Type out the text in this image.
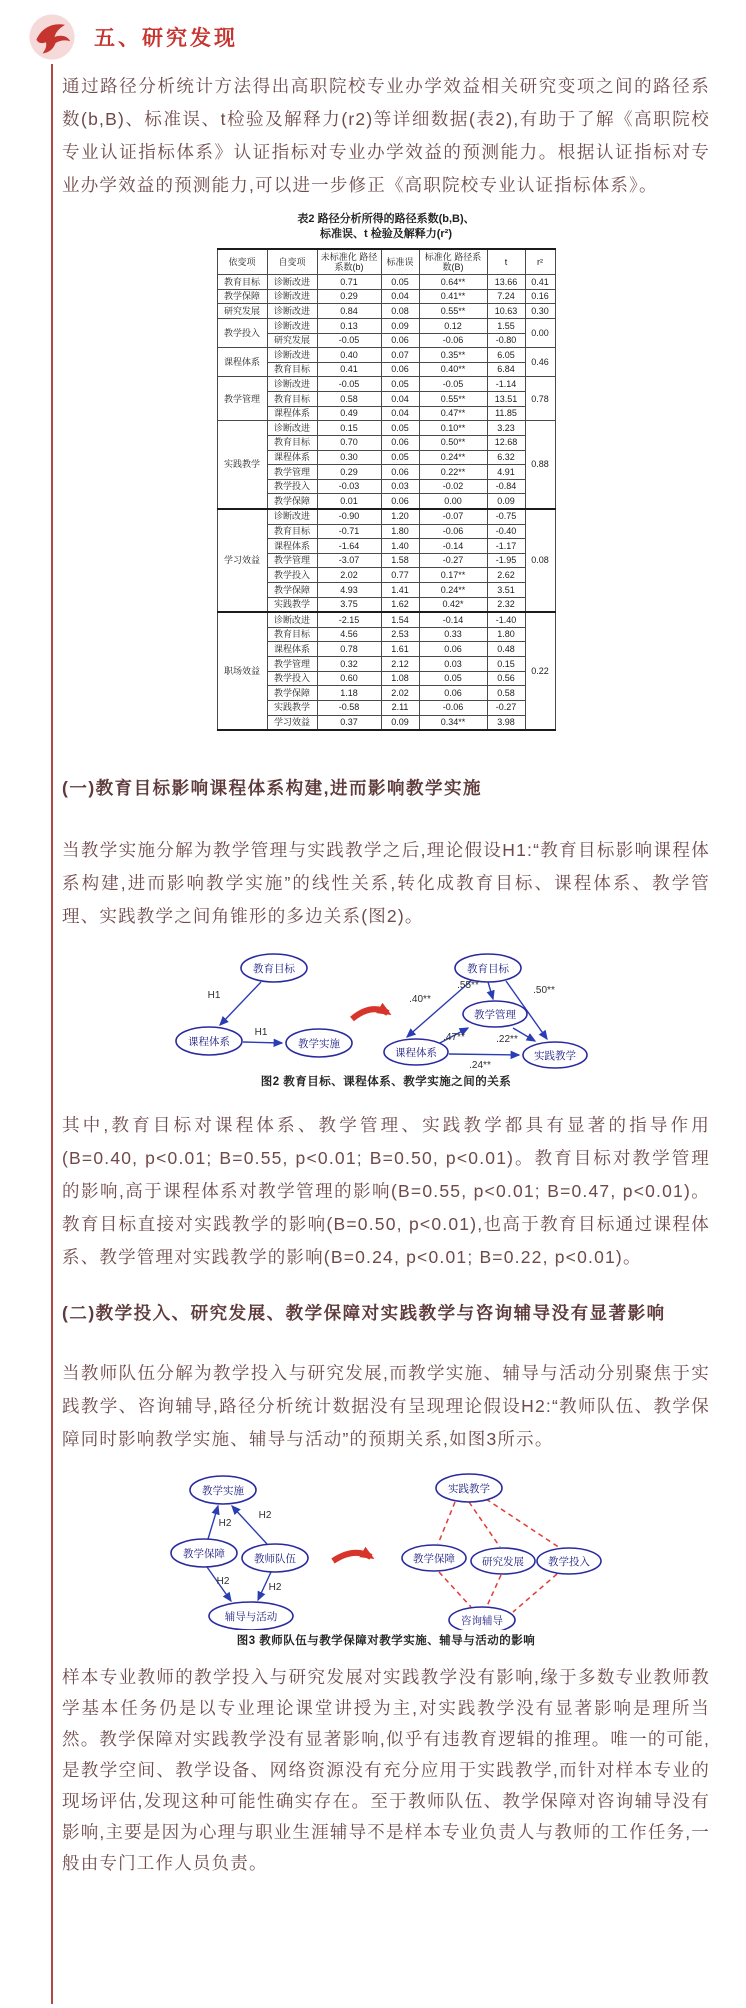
五、研究发现

通过路径分析统计方法得出高职院校专业办学效益相关研究变项之间的路径系数(b,B)、标准误、t检验及解释力(r2)等详细数据(表2),有助于了解《高职院校专业认证指标体系》认证指标对专业办学效益的预测能力。根据认证指标对专业办学效益的预测能力,可以进一步修正《高职院校专业认证指标体系》。

表2 路径分析所得的路径系数(b,B)、
标准误、t 检验及解释力(r²)
依变项	自变项	未标准化 路径系数(b)	标准误	标准化 路径系数(B)	t	r²
教育目标	诊断改进	0.71	0.05	0.64**	13.66	0.41
教学保障	诊断改进	0.29	0.04	0.41**	7.24	0.16
研究发展	诊断改进	0.84	0.08	0.55**	10.63	0.30
教学投入	诊断改进	0.13	0.09	0.12	1.55	0.00
	研究发展	-0.05	0.06	-0.06	-0.80	
课程体系	诊断改进	0.40	0.07	0.35**	6.05	0.46
	教育目标	0.41	0.06	0.40**	6.84	
教学管理	诊断改进	-0.05	0.05	-0.05	-1.14	0.78
	教育目标	0.58	0.04	0.55**	13.51	
	课程体系	0.49	0.04	0.47**	11.85	
实践教学	诊断改进	0.15	0.05	0.10**	3.23	0.88
	教育目标	0.70	0.06	0.50**	12.68	
	课程体系	0.30	0.05	0.24**	6.32	
	教学管理	0.29	0.06	0.22**	4.91	
	教学投入	-0.03	0.03	-0.02	-0.84	
	教学保障	0.01	0.06	0.00	0.09	
学习效益	诊断改进	-0.90	1.20	-0.07	-0.75	0.08
	教育目标	-0.71	1.80	-0.06	-0.40	
	课程体系	-1.64	1.40	-0.14	-1.17	
	教学管理	-3.07	1.58	-0.27	-1.95	
	教学投入	2.02	0.77	0.17**	2.62	
	教学保障	4.93	1.41	0.24**	3.51	
	实践教学	3.75	1.62	0.42*	2.32	
职场效益	诊断改进	-2.15	1.54	-0.14	-1.40	0.22
	教育目标	4.56	2.53	0.33	1.80	
	课程体系	0.78	1.61	0.06	0.48	
	教学管理	0.32	2.12	0.03	0.15	
	教学投入	0.60	1.08	0.05	0.56	
	教学保障	1.18	2.02	0.06	0.58	
	实践教学	-0.58	2.11	-0.06	-0.27	
	学习效益	0.37	0.09	0.34**	3.98	
(一)教育目标影响课程体系构建,进而影响教学实施

当教学实施分解为教学管理与实践教学之后,理论假设H1:“教育目标影响课程体系构建,进而影响教学实施”的线性关系,转化成教育目标、课程体系、教学管理、实践教学之间角锥形的多边关系(图2)。

教育目标
课程体系	教学实施
H1
H1
教育目标
教学管理
课程体系	实践教学
.40**
.55**	.50**
.47**	.22**
.24**
图2 教育目标、课程体系、教学实施之间的关系

其中,教育目标对课程体系、教学管理、实践教学都具有显著的指导作用(B=0.40, p<0.01; B=0.55, p<0.01; B=0.50, p<0.01)。教育目标对教学管理的影响,高于课程体系对教学管理的影响(B=0.55, p<0.01; B=0.47, p<0.01)。教育目标直接对实践教学的影响(B=0.50, p<0.01),也高于教育目标通过课程体系、教学管理对实践教学的影响(B=0.24, p<0.01; B=0.22, p<0.01)。

(二)教学投入、研究发展、教学保障对实践教学与咨询辅导没有显著影响

当教师队伍分解为教学投入与研究发展,而教学实施、辅导与活动分别聚焦于实践教学、咨询辅导,路径分析统计数据没有呈现理论假设H2:“教师队伍、教学保障同时影响教学实施、辅导与活动”的预期关系,如图3所示。

教学实施
教学保障	教师队伍
辅导与活动
H2
H2
H2
H2
实践教学
教学保障	研究发展 教学投入
咨询辅导
图3 教师队伍与教学保障对教学实施、辅导与活动的影响

样本专业教师的教学投入与研究发展对实践教学没有影响,缘于多数专业教师教学基本任务仍是以专业理论课堂讲授为主,对实践教学没有显著影响是理所当然。教学保障对实践教学没有显著影响,似乎有违教育逻辑的推理。唯一的可能,是教学空间、教学设备、网络资源没有充分应用于实践教学,而针对样本专业的现场评估,发现这种可能性确实存在。至于教师队伍、教学保障对咨询辅导没有影响,主要是因为心理与职业生涯辅导不是样本专业负责人与教师的工作任务,一般由专门工作人员负责。
